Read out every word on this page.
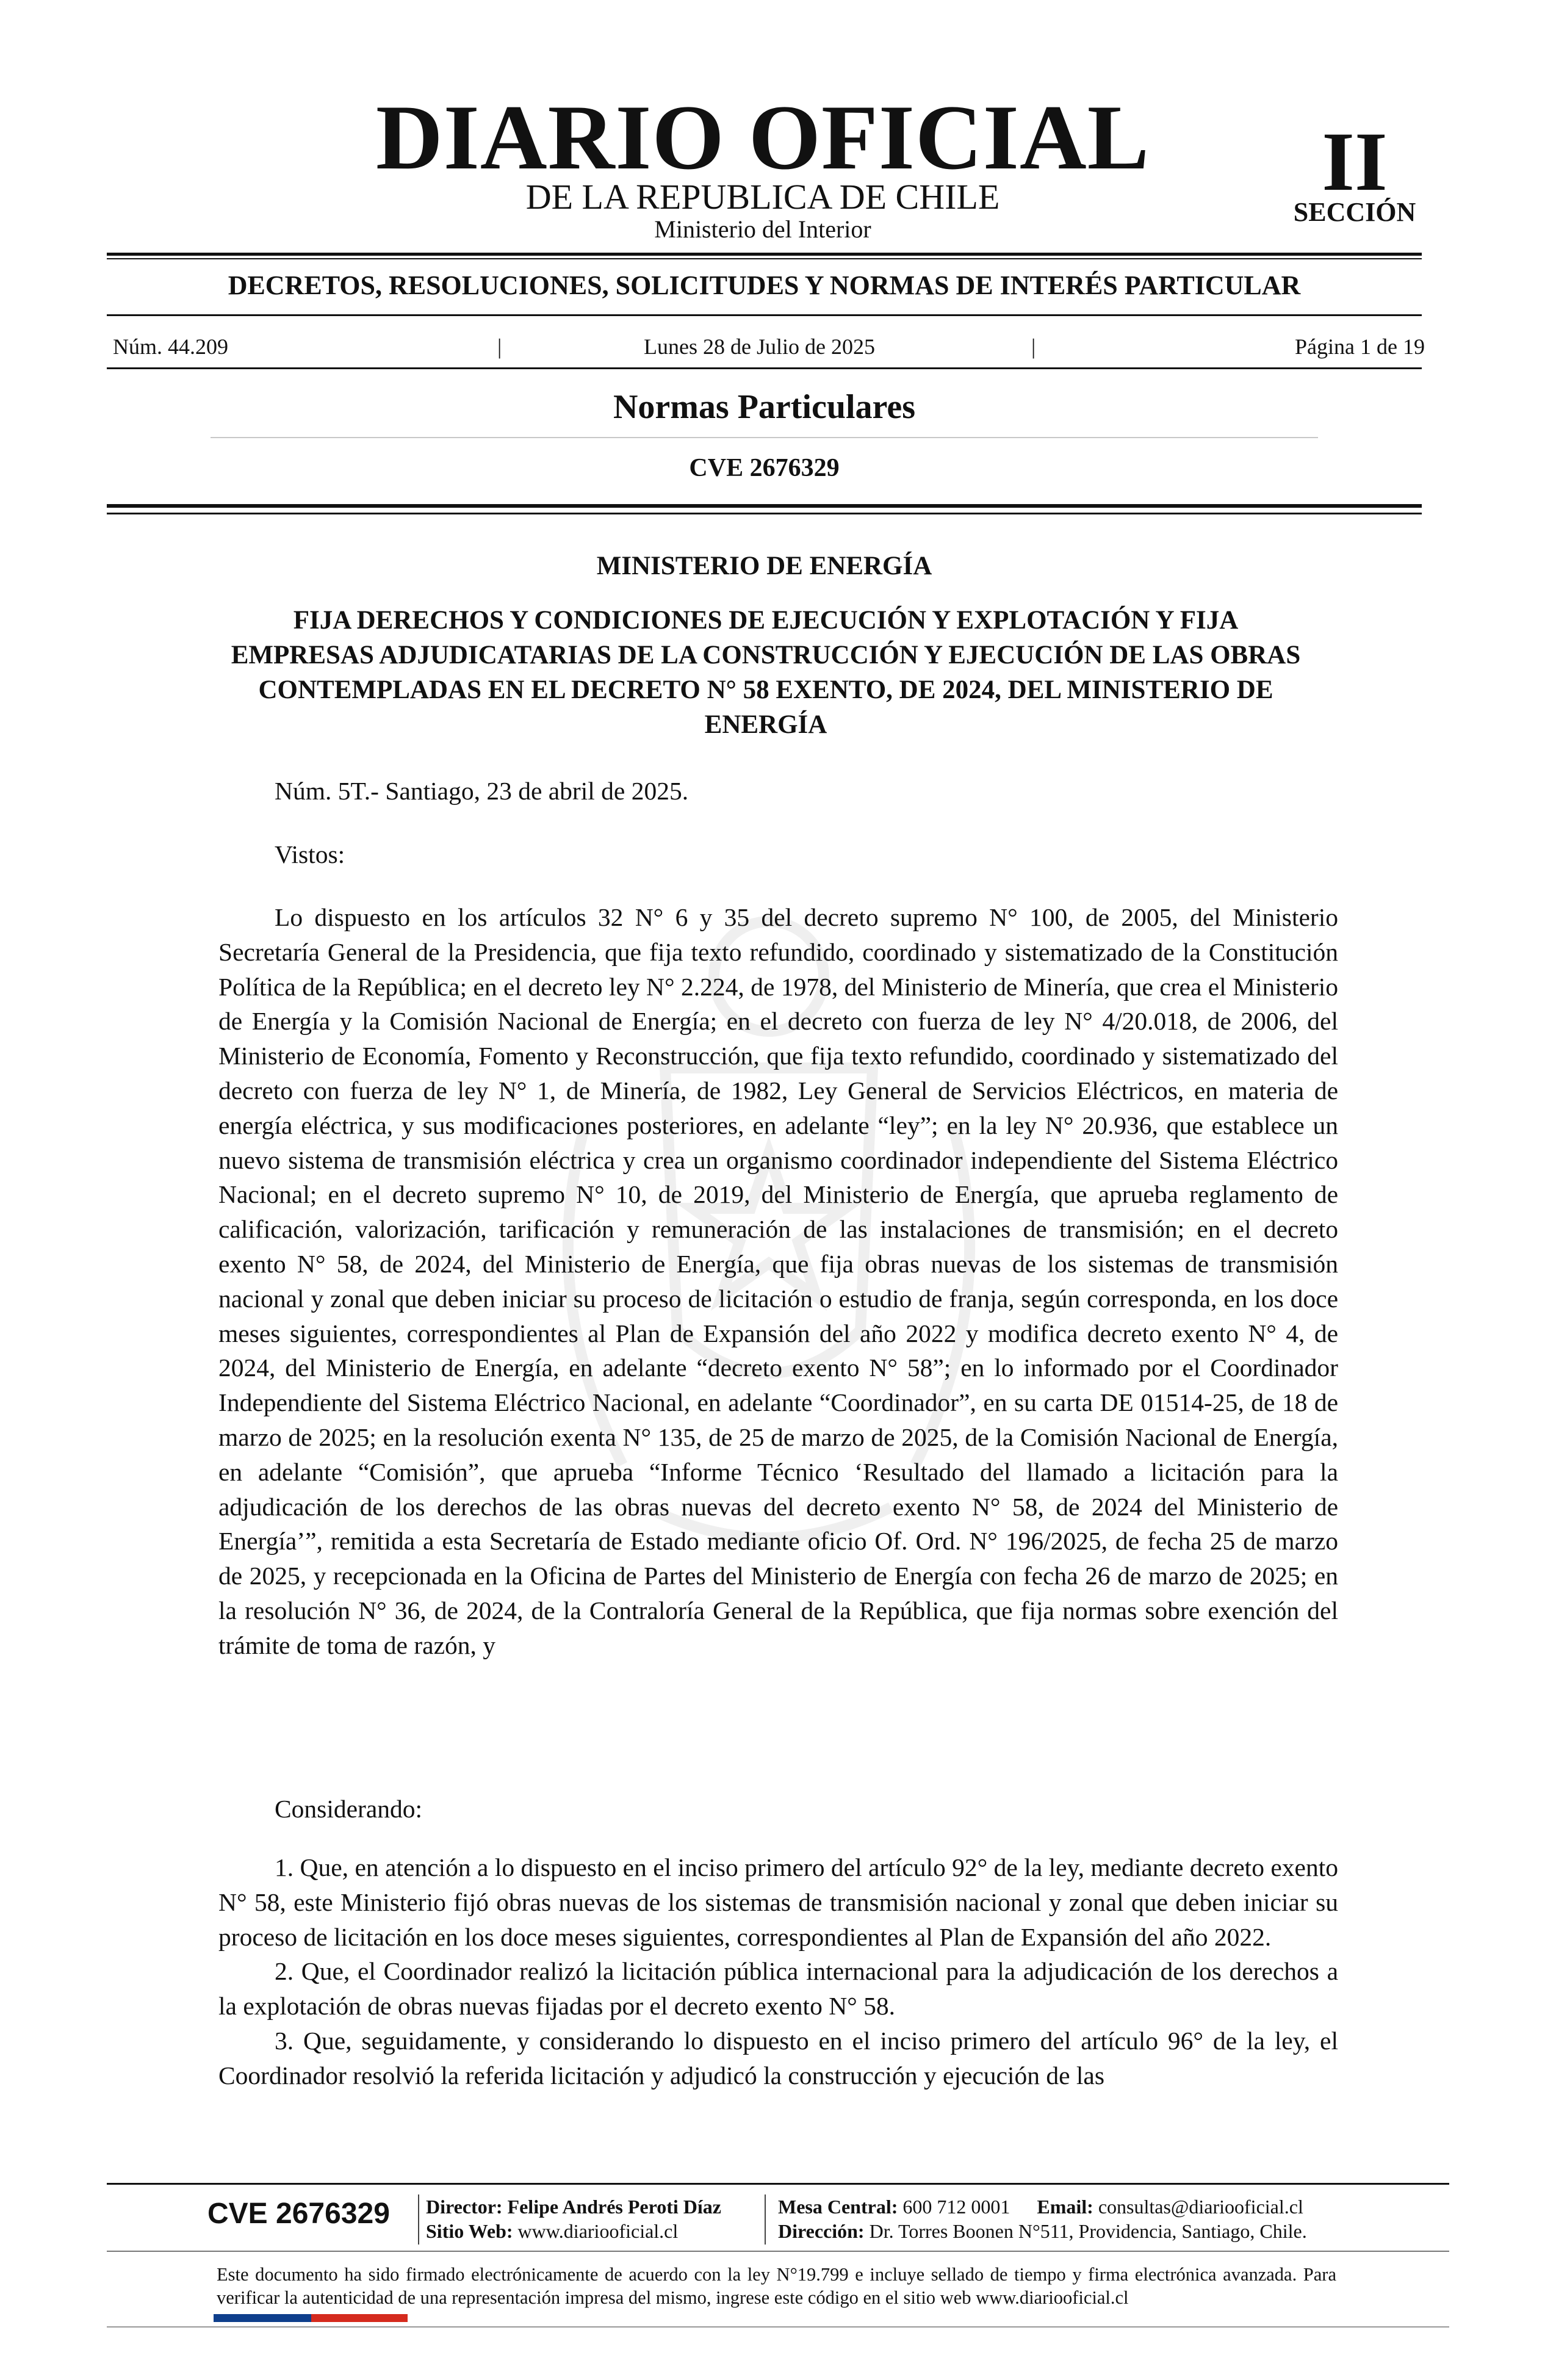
DIARIO OFICIAL
DE LA REPUBLICA DE CHILE
Ministerio del Interior
II
SECCIÓN
DECRETOS, RESOLUCIONES, SOLICITUDES Y NORMAS DE INTERÉS PARTICULAR
Núm. 44.209	|	Lunes 28 de Julio de 2025	|	Página 1 de 19
Normas Particulares
CVE 2676329
MINISTERIO DE ENERGÍA
FIJA DERECHOS Y CONDICIONES DE EJECUCIÓN Y EXPLOTACIÓN Y FIJA EMPRESAS ADJUDICATARIAS DE LA CONSTRUCCIÓN Y EJECUCIÓN DE LAS OBRAS CONTEMPLADAS EN EL DECRETO N° 58 EXENTO, DE 2024, DEL MINISTERIO DE ENERGÍA

Núm. 5T.- Santiago, 23 de abril de 2025.

Vistos:

Lo dispuesto en los artículos 32 N° 6 y 35 del decreto supremo N° 100, de 2005, del Ministerio Secretaría General de la Presidencia, que fija texto refundido, coordinado y sistematizado de la Constitución Política de la República; en el decreto ley N° 2.224, de 1978, del Ministerio de Minería, que crea el Ministerio de Energía y la Comisión Nacional de Energía; en el decreto con fuerza de ley N° 4/20.018, de 2006, del Ministerio de Economía, Fomento y Reconstrucción, que fija texto refundido, coordinado y sistematizado del decreto con fuerza de ley N° 1, de Minería, de 1982, Ley General de Servicios Eléctricos, en materia de energía eléctrica, y sus modificaciones posteriores, en adelante “ley”; en la ley N° 20.936, que establece un nuevo sistema de transmisión eléctrica y crea un organismo coordinador independiente del Sistema Eléctrico Nacional; en el decreto supremo N° 10, de 2019, del Ministerio de Energía, que aprueba reglamento de calificación, valorización, tarificación y remuneración de las instalaciones de transmisión; en el decreto exento N° 58, de 2024, del Ministerio de Energía, que fija obras nuevas de los sistemas de transmisión nacional y zonal que deben iniciar su proceso de licitación o estudio de franja, según corresponda, en los doce meses siguientes, correspondientes al Plan de Expansión del año 2022 y modifica decreto exento N° 4, de 2024, del Ministerio de Energía, en adelante “decreto exento N° 58”; en lo informado por el Coordinador Independiente del Sistema Eléctrico Nacional, en adelante “Coordinador”, en su carta DE 01514-25, de 18 de marzo de 2025; en la resolución exenta N° 135, de 25 de marzo de 2025, de la Comisión Nacional de Energía, en adelante “Comisión”, que aprueba “Informe Técnico ‘Resultado del llamado a licitación para la adjudicación de los derechos de las obras nuevas del decreto exento N° 58, de 2024 del Ministerio de Energía’”, remitida a esta Secretaría de Estado mediante oficio Of. Ord. N° 196/2025, de fecha 25 de marzo de 2025, y recepcionada en la Oficina de Partes del Ministerio de Energía con fecha 26 de marzo de 2025; en la resolución N° 36, de 2024, de la Contraloría General de la República, que fija normas sobre exención del trámite de toma de razón, y

Considerando:

1. Que, en atención a lo dispuesto en el inciso primero del artículo 92° de la ley, mediante decreto exento N° 58, este Ministerio fijó obras nuevas de los sistemas de transmisión nacional y zonal que deben iniciar su proceso de licitación en los doce meses siguientes, correspondientes al Plan de Expansión del año 2022.

2. Que, el Coordinador realizó la licitación pública internacional para la adjudicación de los derechos a la explotación de obras nuevas fijadas por el decreto exento N° 58.

3. Que, seguidamente, y considerando lo dispuesto en el inciso primero del artículo 96° de la ley, el Coordinador resolvió la referida licitación y adjudicó la construcción y ejecución de las

CVE 2676329 Director: Felipe Andrés Peroti Díaz
Sitio Web: www.diariooficial.cl
Mesa Central: 600 712 0001 Email: consultas@diariooficial.cl
Dirección: Dr. Torres Boonen N°511, Providencia, Santiago, Chile.
Este documento ha sido firmado electrónicamente de acuerdo con la ley N°19.799 e incluye sellado de tiempo y firma electrónica avanzada. Para verificar la autenticidad de una representación impresa del mismo, ingrese este código en el sitio web www.diariooficial.cl
